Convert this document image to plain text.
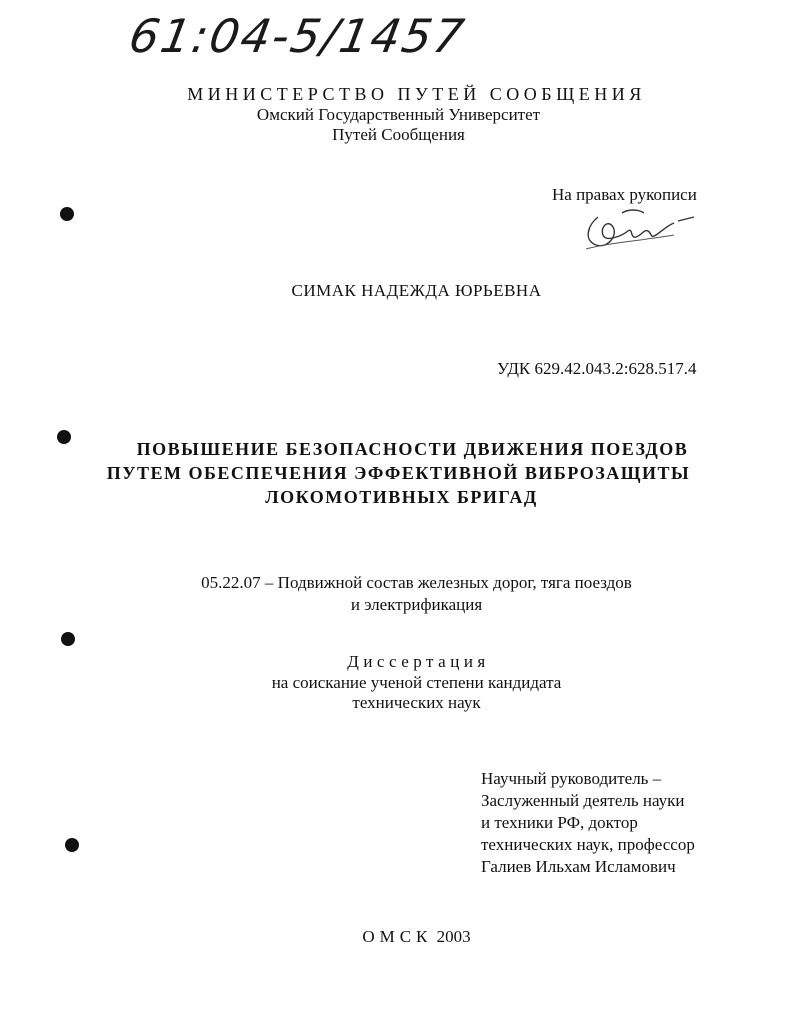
61:04-5/1457
МИНИСТЕРСТВО ПУТЕЙ СООБЩЕНИЯ
Омский Государственный Университет
Путей Сообщения
На правах рукописи
СИМАК НАДЕЖДА ЮРЬЕВНА
УДК 629.42.043.2:628.517.4
ПОВЫШЕНИЕ БЕЗОПАСНОСТИ ДВИЖЕНИЯ ПОЕЗДОВ
ПУТЕМ ОБЕСПЕЧЕНИЯ ЭФФЕКТИВНОЙ ВИБРОЗАЩИТЫ
ЛОКОМОТИВНЫХ БРИГАД
05.22.07 – Подвижной состав железных дорог, тяга поездов
и электрификация
Диссертация
на соискание ученой степени кандидата
технических наук
Научный руководитель –
Заслуженный деятель науки
и техники РФ, доктор
технических наук, профессор
Галиев Ильхам Исламович
ОМСК 2003
